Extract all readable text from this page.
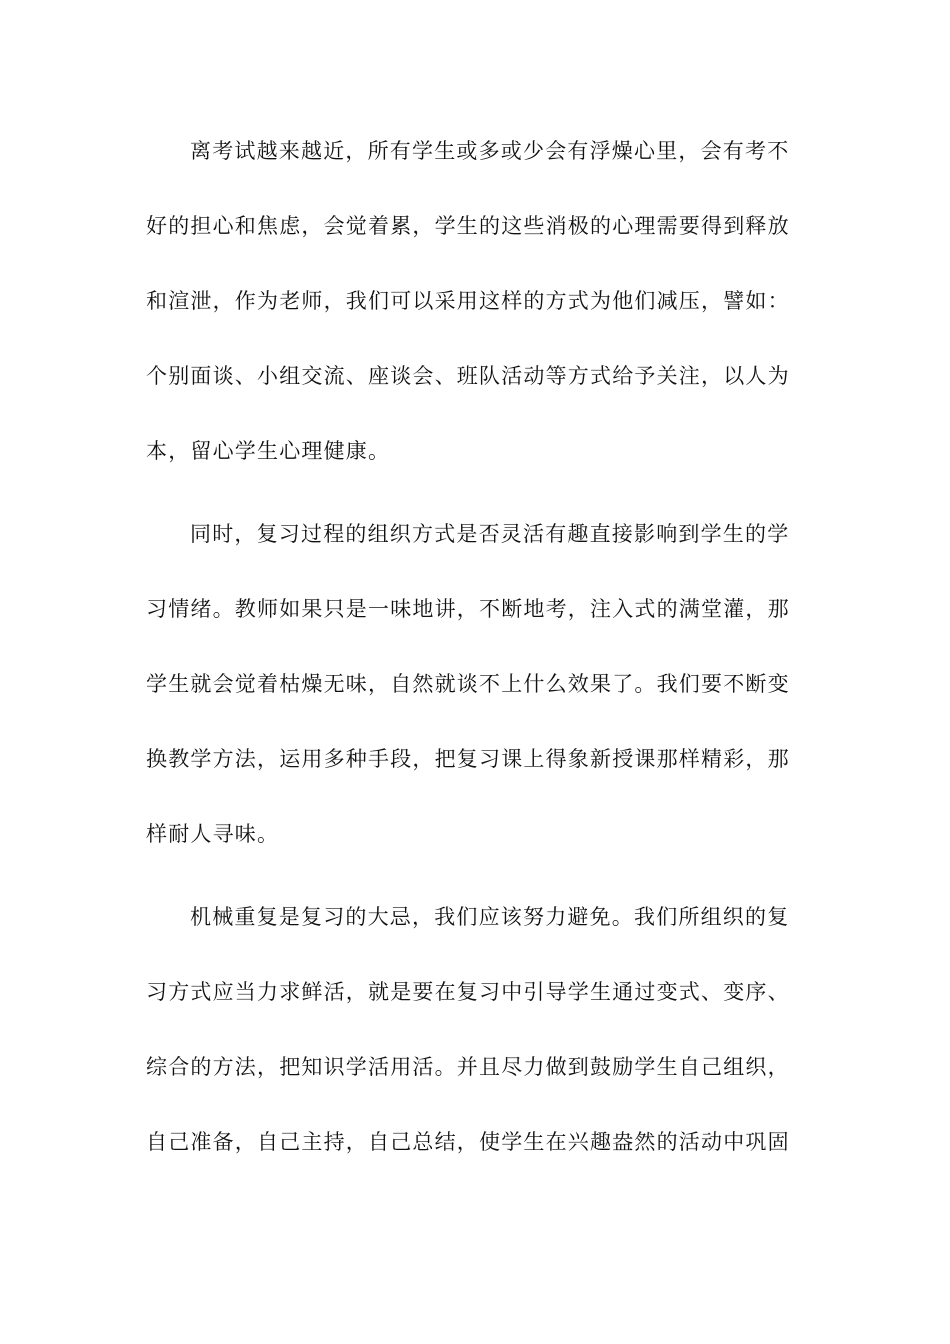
离考试越来越近，所有学生或多或少会有浮燥心里，会有考不

好的担心和焦虑，会觉着累，学生的这些消极的心理需要得到释放

和渲泄，作为老师，我们可以采用这样的方式为他们减压，譬如：

个别面谈、小组交流、座谈会、班队活动等方式给予关注，以人为

本，留心学生心理健康。

同时，复习过程的组织方式是否灵活有趣直接影响到学生的学

习情绪。教师如果只是一味地讲，不断地考，注入式的满堂灌，那

学生就会觉着枯燥无味，自然就谈不上什么效果了。我们要不断变

换教学方法，运用多种手段，把复习课上得象新授课那样精彩，那

样耐人寻味。

机械重复是复习的大忌，我们应该努力避免。我们所组织的复

习方式应当力求鲜活，就是要在复习中引导学生通过变式、变序、

综合的方法，把知识学活用活。并且尽力做到鼓励学生自己组织，

自己准备，自己主持，自己总结，使学生在兴趣盎然的活动中巩固
